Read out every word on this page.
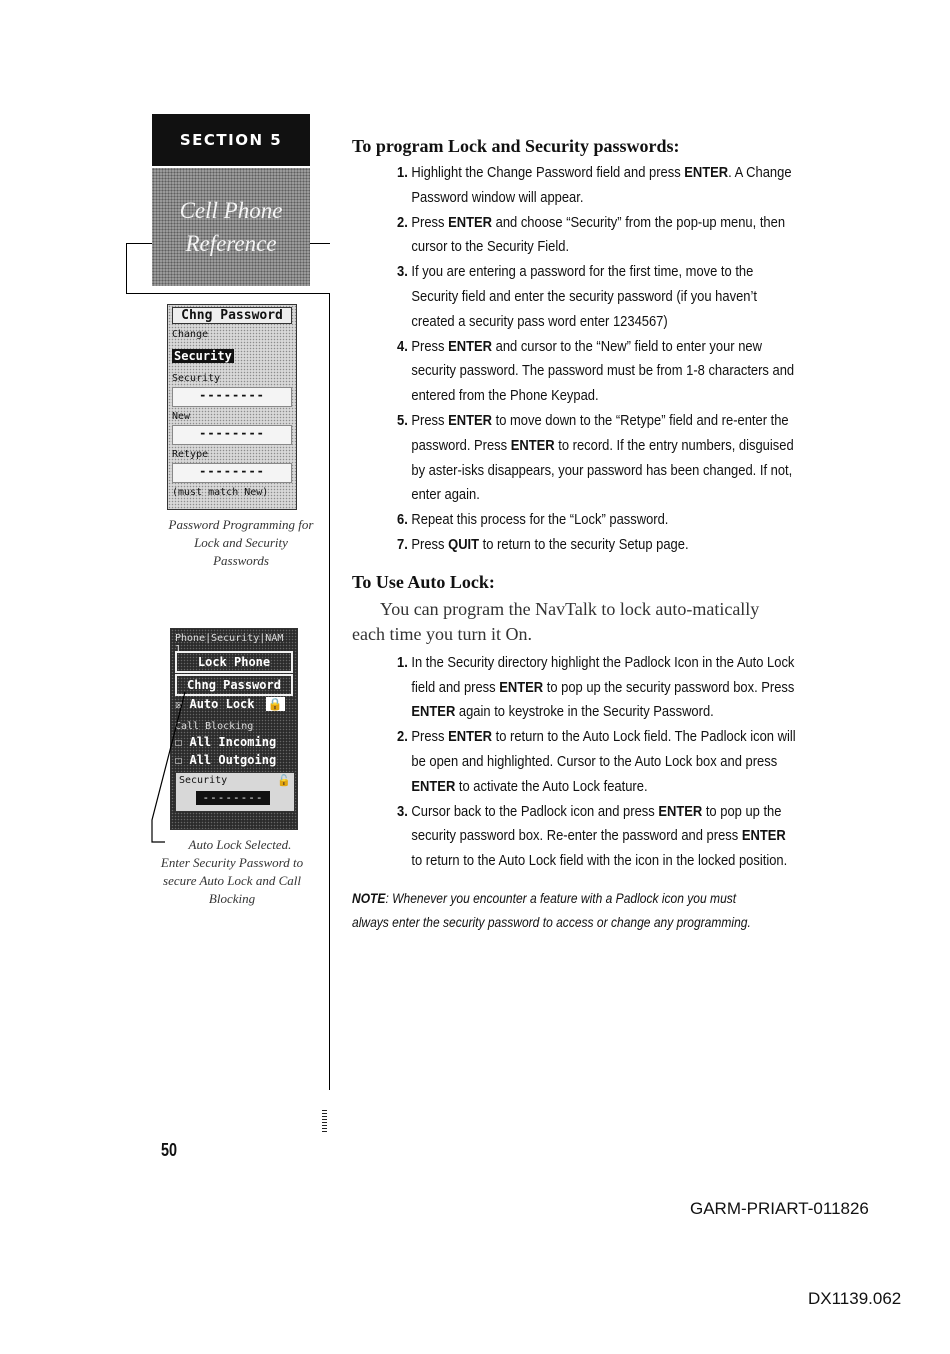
SECTION 5
Cell Phone
Reference
Chng Password
Change
Security
Security
--------
New
--------
Retype
--------
(must match New)
Password Programming for
Lock and Security
Passwords
Phone|Security|NAM 1
Lock Phone
Chng Password
☒ Auto Lock 🔒
Call Blocking
☐ All Incoming
☐ All Outgoing
Security	🔓
--------
Auto Lock Selected.
Enter Security Password to
secure Auto Lock and Call
Blocking

To program Lock and Security passwords:

1. Highlight the Change Password field and press ENTER. A Change Password window will appear.
2. Press ENTER and choose “Security” from the pop-up menu, then cursor to the Security Field.
3. If you are entering a password for the first time, move to the Security field and enter the security password (if you haven’t created a security pass word enter 1234567)
4. Press ENTER and cursor to the “New” field to enter your new security password. The password must be from 1-8 characters and entered from the Phone Keypad.
5. Press ENTER to move down to the “Retype” field and re-enter the password. Press ENTER to record. If the entry numbers, disguised by aster-isks disappears, your password has been changed. If not, enter again.
6. Repeat this process for the “Lock” password.
7. Press QUIT to return to the security Setup page.

To Use Auto Lock:

You can program the NavTalk to lock auto-matically each time you turn it On.

1. In the Security directory highlight the Padlock Icon in the Auto Lock field and press ENTER to pop up the security password box. Press ENTER again to keystroke in the Security Password.
2. Press ENTER to return to the Auto Lock field. The Padlock icon will be open and highlighted. Cursor to the Auto Lock box and press ENTER to activate the Auto Lock feature.
3. Cursor back to the Padlock icon and press ENTER to pop up the security password box. Re-enter the password and press ENTER to return to the Auto Lock field with the icon in the locked position.
NOTE: Whenever you encounter a feature with a Padlock icon you must always enter the security password to access or change any programming.
50
GARM-PRIART-011826
DX1139.062
